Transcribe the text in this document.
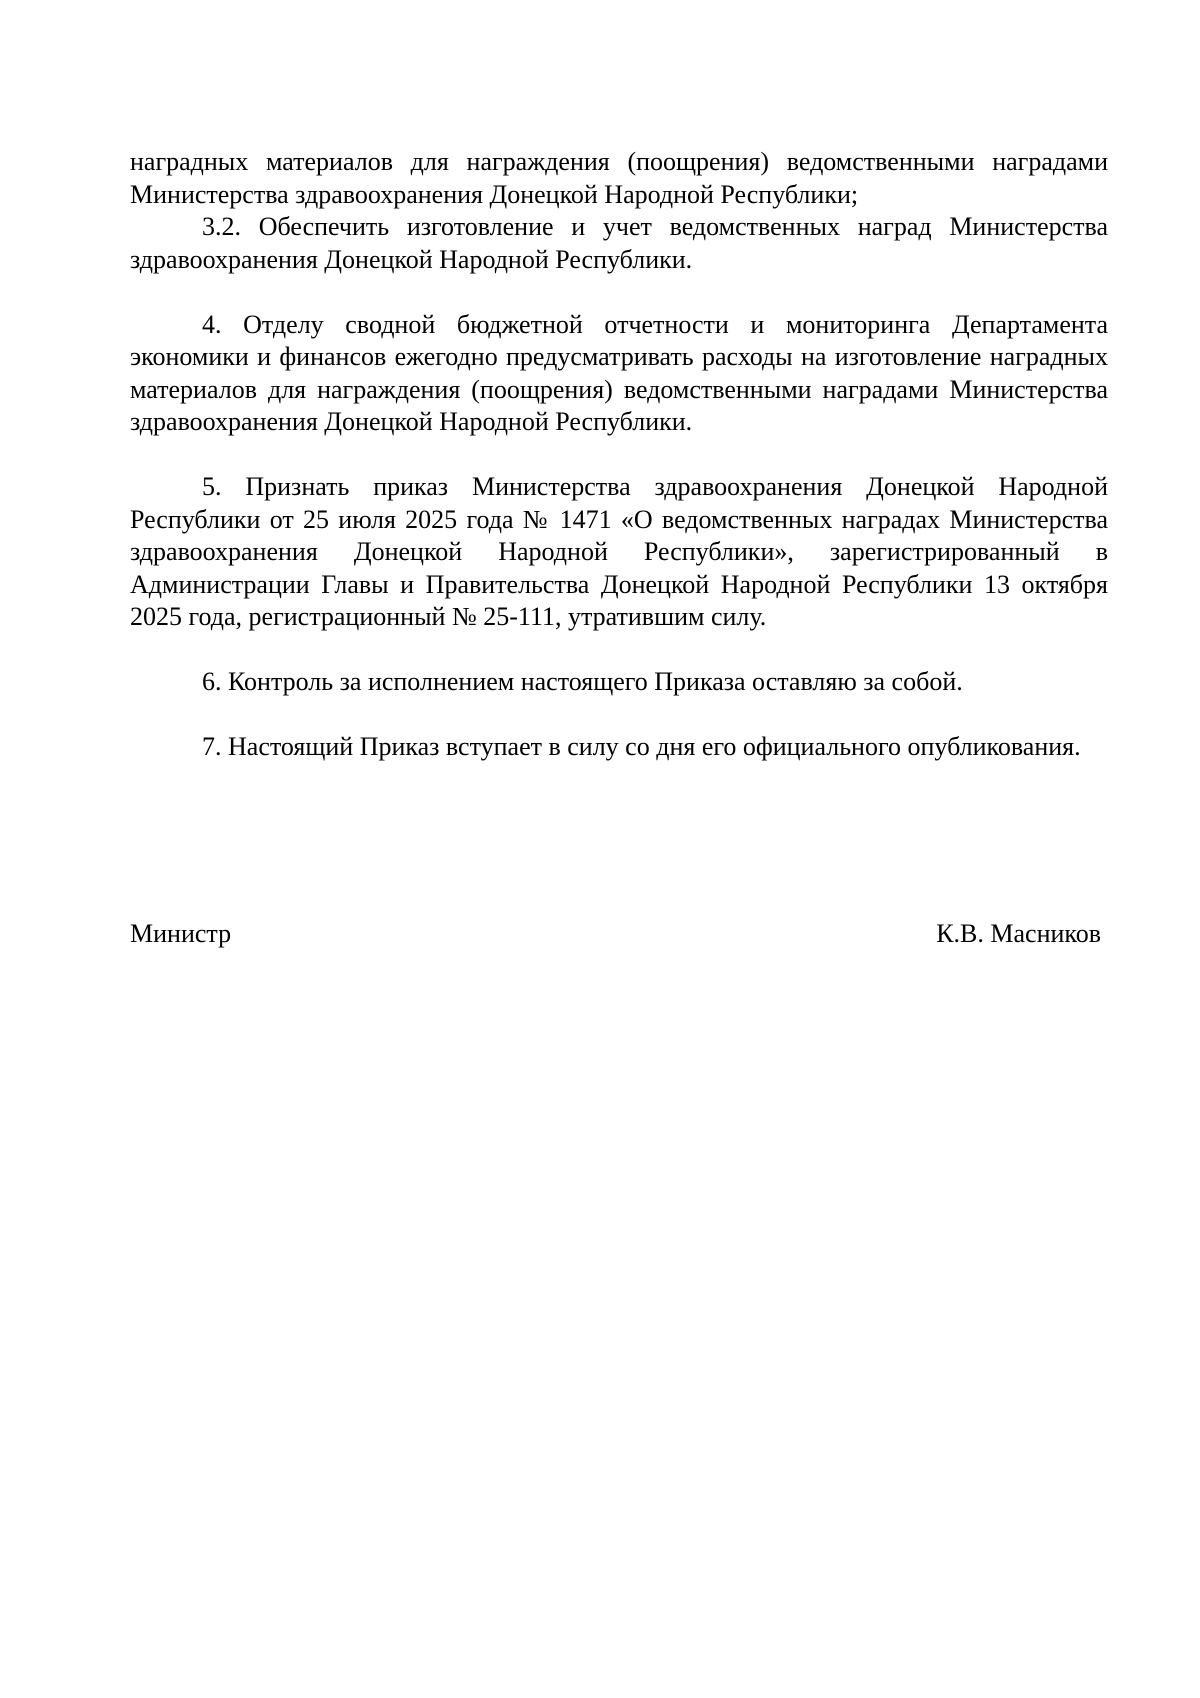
наградных материалов для награждения (поощрения) ведомственными наградами Министерства здравоохранения Донецкой Народной Республики;

3.2. Обеспечить изготовление и учет ведомственных наград Министерства здравоохранения Донецкой Народной Республики.

4. Отделу сводной бюджетной отчетности и мониторинга Департамента экономики и финансов ежегодно предусматривать расходы на изготовление наградных материалов для награждения (поощрения) ведомственными наградами Министерства здравоохранения Донецкой Народной Республики.

5. Признать приказ Министерства здравоохранения Донецкой Народной Республики от 25 июля 2025 года № 1471 «О ведомственных наградах Министерства здравоохранения Донецкой Народной Республики», зарегистрированный в Администрации Главы и Правительства Донецкой Народной Республики 13 октября 2025 года, регистрационный № 25-111, утратившим силу.

6. Контроль за исполнением настоящего Приказа оставляю за собой.

7. Настоящий Приказ вступает в силу со дня его официального опубликования.

Министр	К.В. Масников
